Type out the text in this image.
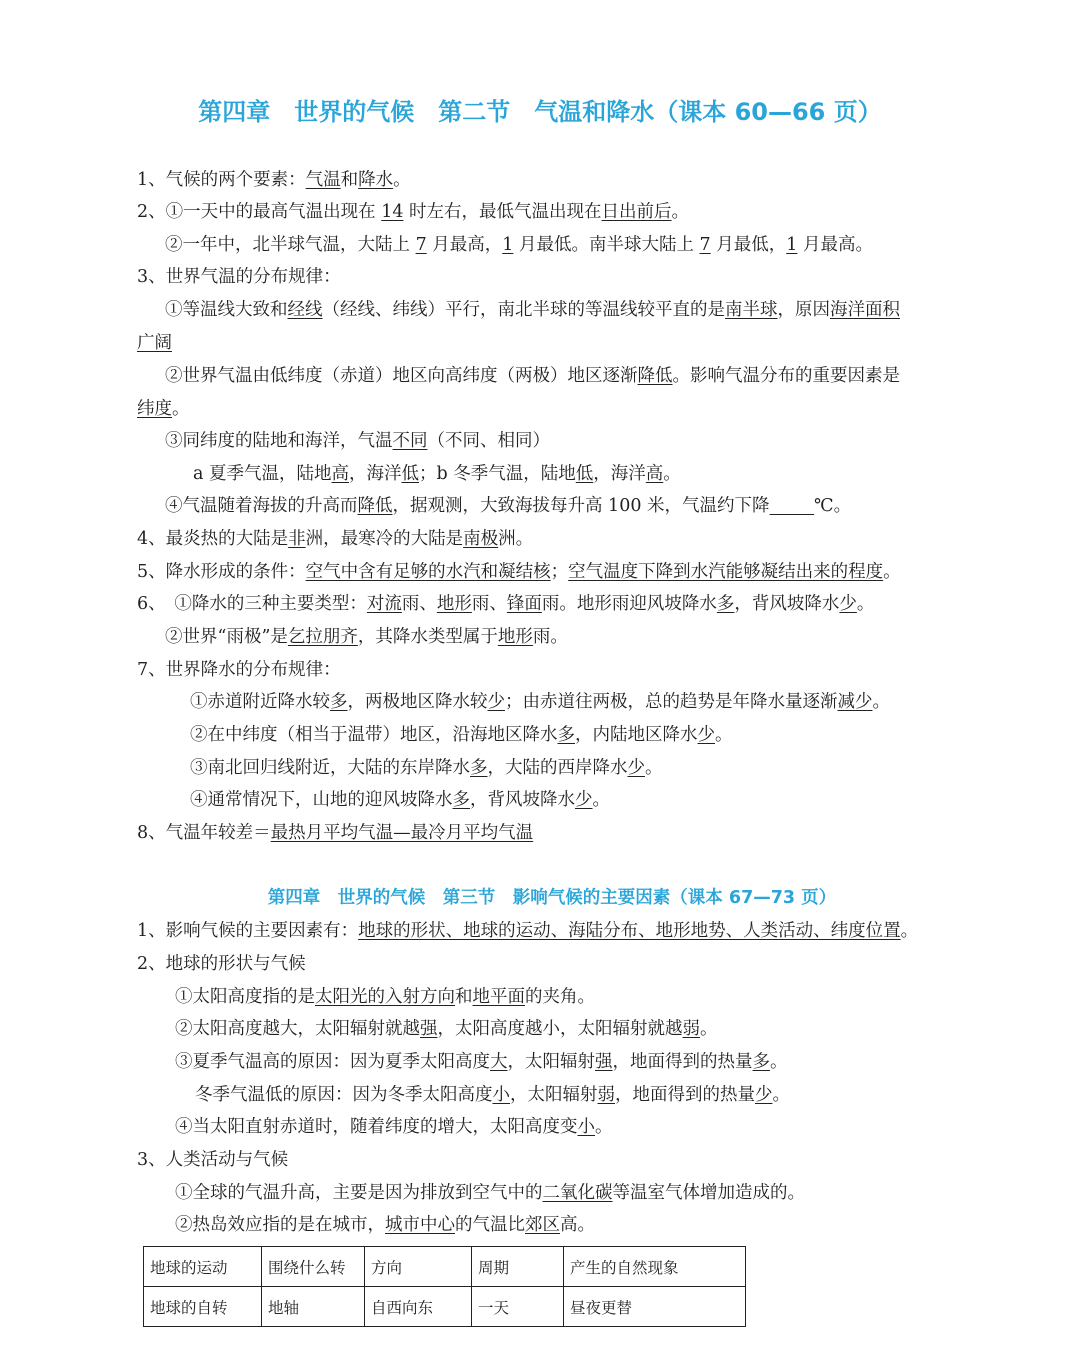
第四章　世界的气候　第二节　气温和降水（课本 60—66 页）
1、气候的两个要素：气温和降水。
2、①一天中的最高气温出现在 14 时左右，最低气温出现在日出前后。
②一年中，北半球气温，大陆上 7 月最高，1 月最低。南半球大陆上 7 月最低，1 月最高。
3、世界气温的分布规律：
①等温线大致和经线（经线、纬线）平行，南北半球的等温线较平直的是南半球，原因海洋面积
广阔
②世界气温由低纬度（赤道）地区向高纬度（两极）地区逐渐降低。影响气温分布的重要因素是
纬度。
③同纬度的陆地和海洋，气温不同（不同、相同）
a 夏季气温，陆地高，海洋低；b 冬季气温，陆地低，海洋高。
④气温随着海拔的升高而降低，据观测，大致海拔每升高 100 米，气温约下降	℃。
4、最炎热的大陆是非洲，最寒冷的大陆是南极洲。
5、降水形成的条件：空气中含有足够的水汽和凝结核；空气温度下降到水汽能够凝结出来的程度。
6、　①降水的三种主要类型：对流雨、地形雨、锋面雨。地形雨迎风坡降水多，背风坡降水少。
②世界“雨极”是乞拉朋齐，其降水类型属于地形雨。
7、世界降水的分布规律：
①赤道附近降水较多，两极地区降水较少；由赤道往两极，总的趋势是年降水量逐渐减少。
②在中纬度（相当于温带）地区，沿海地区降水多，内陆地区降水少。
③南北回归线附近，大陆的东岸降水多，大陆的西岸降水少。
④通常情况下，山地的迎风坡降水多，背风坡降水少。
8、气温年较差＝最热月平均气温—最冷月平均气温
第四章　世界的气候　第三节　影响气候的主要因素（课本 67—73 页）
1、影响气候的主要因素有：地球的形状、地球的运动、海陆分布、地形地势、人类活动、纬度位置。
2、地球的形状与气候
①太阳高度指的是太阳光的入射方向和地平面的夹角。
②太阳高度越大，太阳辐射就越强，太阳高度越小，太阳辐射就越弱。
③夏季气温高的原因：因为夏季太阳高度大，太阳辐射强，地面得到的热量多。
冬季气温低的原因：因为冬季太阳高度小，太阳辐射弱，地面得到的热量少。
④当太阳直射赤道时，随着纬度的增大，太阳高度变小。
3、人类活动与气候
①全球的气温升高，主要是因为排放到空气中的二氧化碳等温室气体增加造成的。
②热岛效应指的是在城市，城市中心的气温比郊区高。
地球的运动	围绕什么转	方向	周期	产生的自然现象
地球的自转	地轴	自西向东	一天	昼夜更替
